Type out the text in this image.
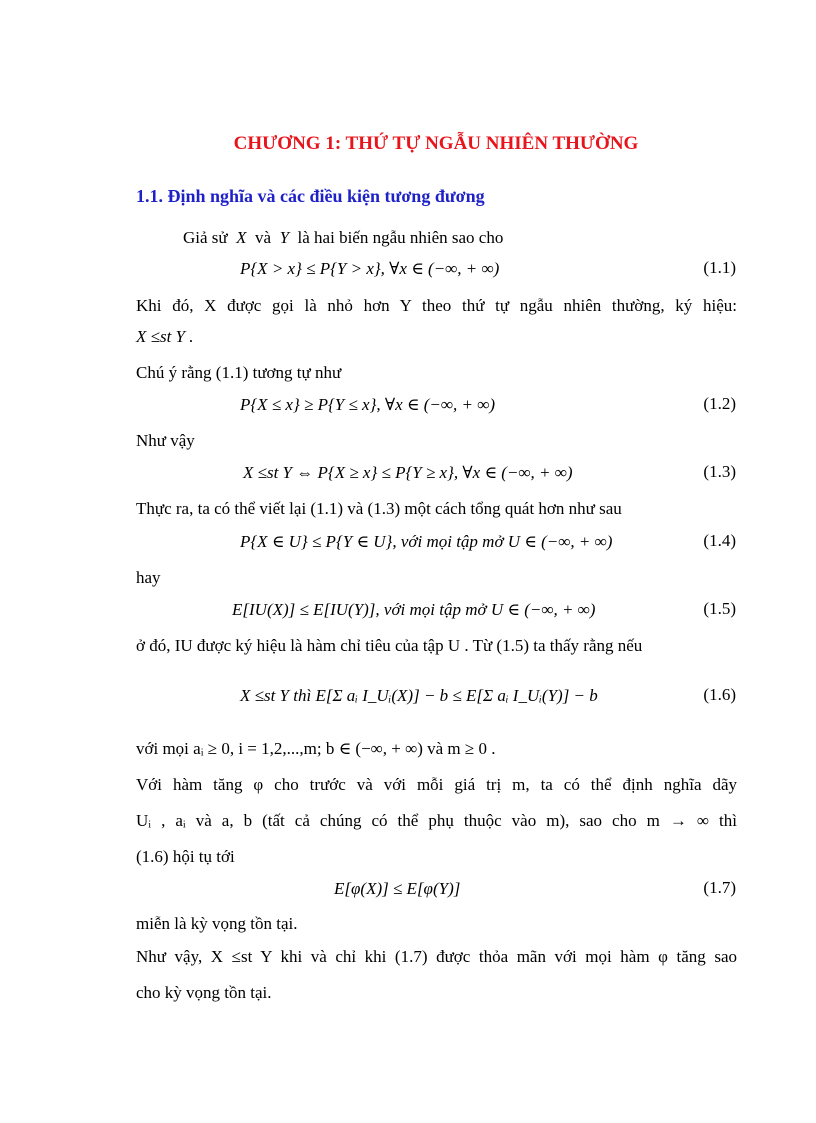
CHƯƠNG 1: THỨ TỰ NGẪU NHIÊN THƯỜNG
1.1. Định nghĩa và các điều kiện tương đương
Giả sử X và Y là hai biến ngẫu nhiên sao cho
P{X > x} ≤ P{Y > x}, ∀x ∈ (−∞, + ∞)	(1.1)
Khi đó, X được gọi là nhỏ hơn Y theo thứ tự ngẫu nhiên thường, ký hiệu:
X ≤st Y .
Chú ý rằng (1.1) tương tự như
P{X ≤ x} ≥ P{Y ≤ x}, ∀x ∈ (−∞, + ∞)	(1.2)
Như vậy
X ≤st Y ⇔ P{X ≥ x} ≤ P{Y ≥ x}, ∀x ∈ (−∞, + ∞)	(1.3)
Thực ra, ta có thể viết lại (1.1) và (1.3) một cách tổng quát hơn như sau
P{X ∈ U} ≤ P{Y ∈ U}, với mọi tập mở U ∈ (−∞, + ∞)	(1.4)
hay
E[IU(X)] ≤ E[IU(Y)], với mọi tập mở U ∈ (−∞, + ∞)	(1.5)
ở đó, IU được ký hiệu là hàm chỉ tiêu của tập U . Từ (1.5) ta thấy rằng nếu
X ≤st Y thì E[Σ aᵢ I_Uᵢ(X)] − b ≤ E[Σ aᵢ I_Uᵢ(Y)] − b	(1.6)
với mọi aᵢ ≥ 0, i = 1,2,...,m; b ∈ (−∞, + ∞) và m ≥ 0 .
Với hàm tăng φ cho trước và với mỗi giá trị m, ta có thể định nghĩa dãy
Uᵢ , aᵢ và a, b (tất cả chúng có thể phụ thuộc vào m), sao cho m → ∞ thì
(1.6) hội tụ tới
E[φ(X)] ≤ E[φ(Y)]	(1.7)
miễn là kỳ vọng tồn tại.
Như vậy, X ≤st Y khi và chỉ khi (1.7) được thỏa mãn với mọi hàm φ tăng sao
cho kỳ vọng tồn tại.
